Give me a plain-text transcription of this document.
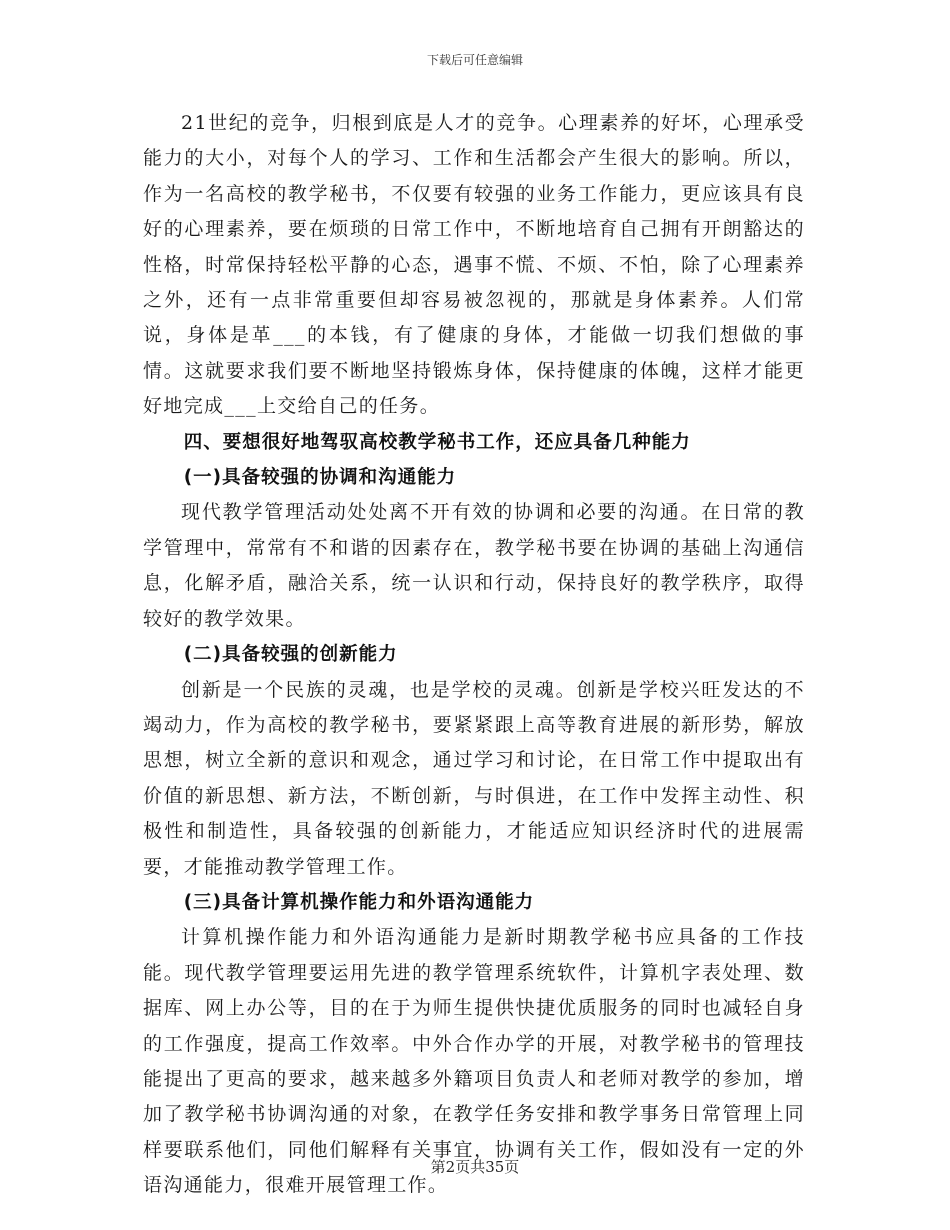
下载后可任意编辑

21世纪的竞争，归根到底是人才的竞争。心理素养的好坏，心理承受能力的大小，对每个人的学习、工作和生活都会产生很大的影响。所以，作为一名高校的教学秘书，不仅要有较强的业务工作能力，更应该具有良好的心理素养，要在烦琐的日常工作中，不断地培育自己拥有开朗豁达的性格，时常保持轻松平静的心态，遇事不慌、不烦、不怕，除了心理素养之外，还有一点非常重要但却容易被忽视的，那就是身体素养。人们常说，身体是革___的本钱，有了健康的身体，才能做一切我们想做的事情。这就要求我们要不断地坚持锻炼身体，保持健康的体魄，这样才能更好地完成___上交给自己的任务。

四、要想很好地驾驭高校教学秘书工作，还应具备几种能力

(一)具备较强的协调和沟通能力

现代教学管理活动处处离不开有效的协调和必要的沟通。在日常的教学管理中，常常有不和谐的因素存在，教学秘书要在协调的基础上沟通信息，化解矛盾，融洽关系，统一认识和行动，保持良好的教学秩序，取得较好的教学效果。

(二)具备较强的创新能力

创新是一个民族的灵魂，也是学校的灵魂。创新是学校兴旺发达的不竭动力，作为高校的教学秘书，要紧紧跟上高等教育进展的新形势，解放思想，树立全新的意识和观念，通过学习和讨论，在日常工作中提取出有价值的新思想、新方法，不断创新，与时俱进，在工作中发挥主动性、积极性和制造性，具备较强的创新能力，才能适应知识经济时代的进展需要，才能推动教学管理工作。

(三)具备计算机操作能力和外语沟通能力

计算机操作能力和外语沟通能力是新时期教学秘书应具备的工作技能。现代教学管理要运用先进的教学管理系统软件，计算机字表处理、数据库、网上办公等，目的在于为师生提供快捷优质服务的同时也减轻自身的工作强度，提高工作效率。中外合作办学的开展，对教学秘书的管理技能提出了更高的要求，越来越多外籍项目负责人和老师对教学的参加，增加了教学秘书协调沟通的对象，在教学任务安排和教学事务日常管理上同样要联系他们，同他们解释有关事宜，协调有关工作，假如没有一定的外语沟通能力，很难开展管理工作。

第2页共35页
